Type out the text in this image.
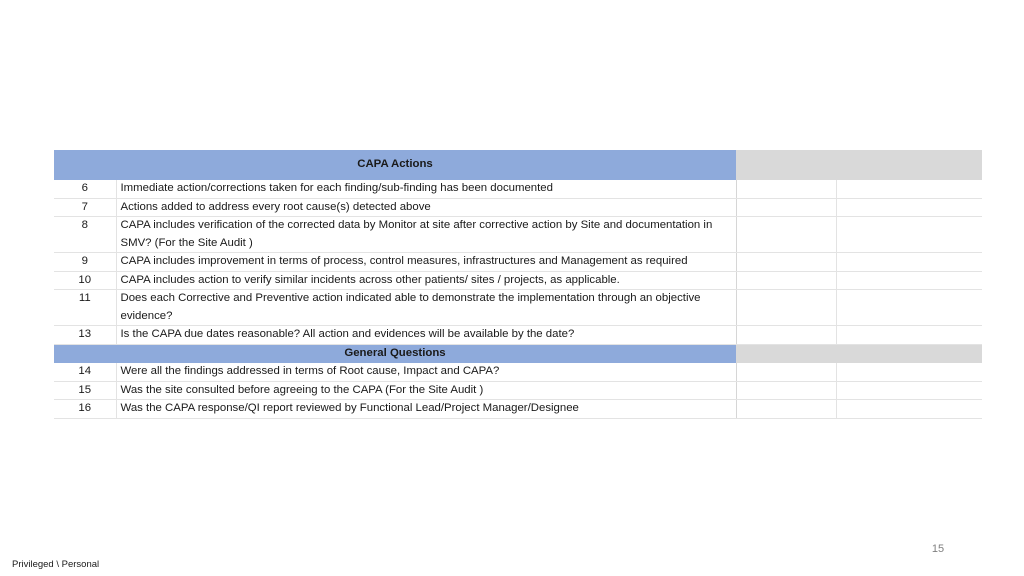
CAPA Actions			
6	Immediate action/corrections taken for each finding/sub-finding has been documented		
7	Actions added to address every root cause(s) detected above		
8	CAPA includes verification of the corrected data by Monitor at site after corrective action by Site and documentation in SMV? (For the Site Audit )		
9	CAPA includes improvement in terms of process, control measures, infrastructures and Management as required		
10	CAPA includes action to verify similar incidents across other patients/ sites / projects, as applicable.		
11	Does each Corrective and Preventive action indicated able to demonstrate the implementation through an objective evidence?		
13	Is the CAPA due dates reasonable? All action and evidences will be available by the date?		
General Questions			
14	Were all the findings addressed in terms of Root cause, Impact and CAPA?		
15	Was the site consulted before agreeing to the CAPA (For the Site Audit )		
16	Was the CAPA response/QI report reviewed by Functional Lead/Project Manager/Designee		
15
Privileged \ Personal
